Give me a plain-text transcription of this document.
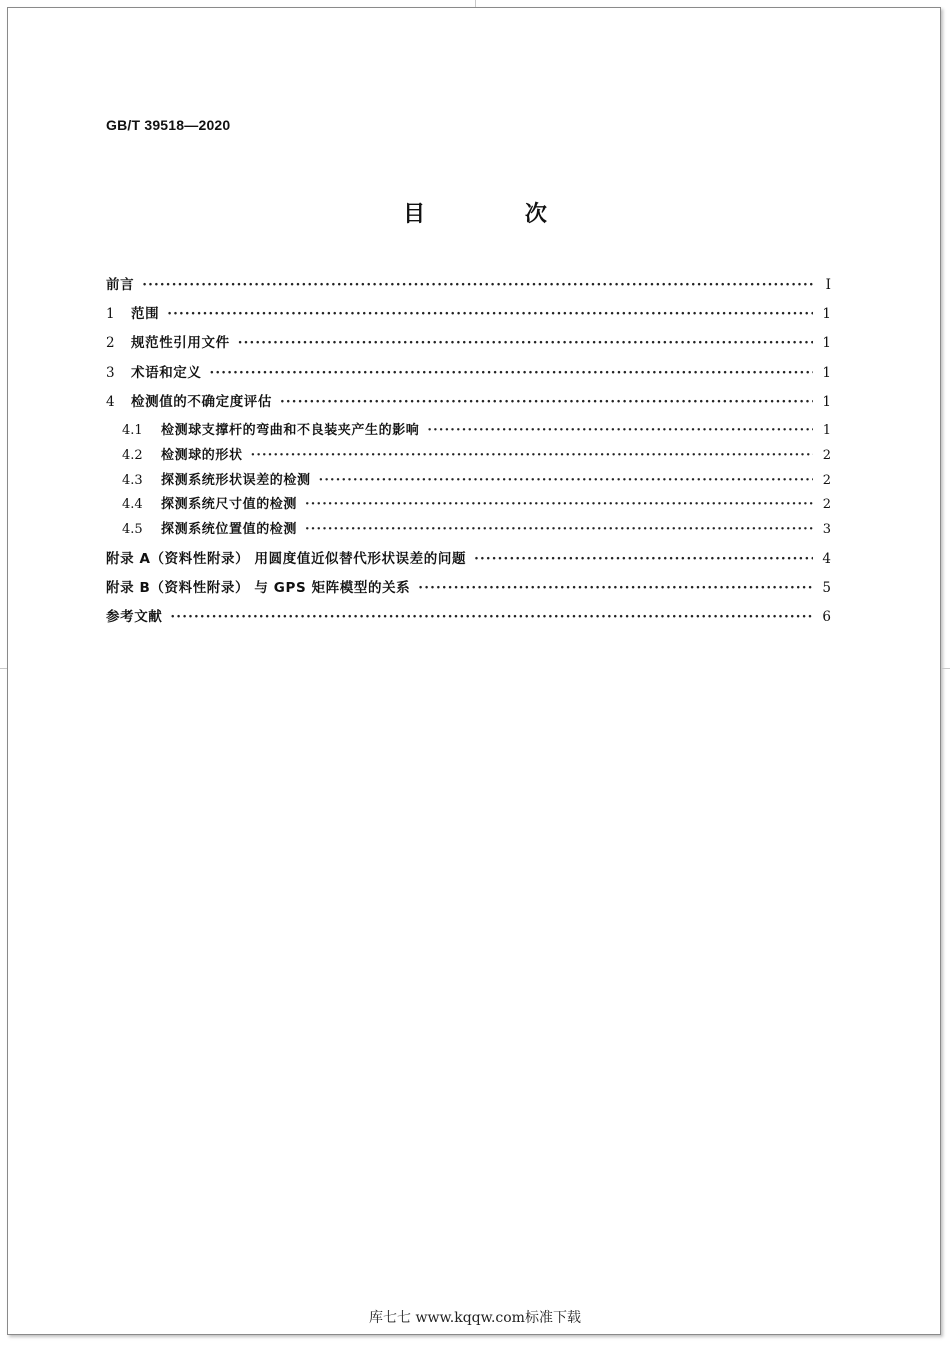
GB/T 39518—2020
目 次
前言 ·····	I
1	范围 ·····	1
2	规范性引用文件 ·····	1
3	术语和定义 ·····	1
4	检测值的不确定度评估 ·····	1
4.1	检测球支撑杆的弯曲和不良装夹产生的影响 ·····	1
4.2	检测球的形状 ·····	2
4.3	探测系统形状误差的检测 ·····	2
4.4	探测系统尺寸值的检测 ·····	2
4.5	探测系统位置值的检测 ·····	3
附录 A（资料性附录） 用圆度值近似替代形状误差的问题 ·····	4
附录 B（资料性附录） 与 GPS 矩阵模型的关系 ·····	5
参考文献 ·····	6
库七七 www.kqqw.com标准下载
